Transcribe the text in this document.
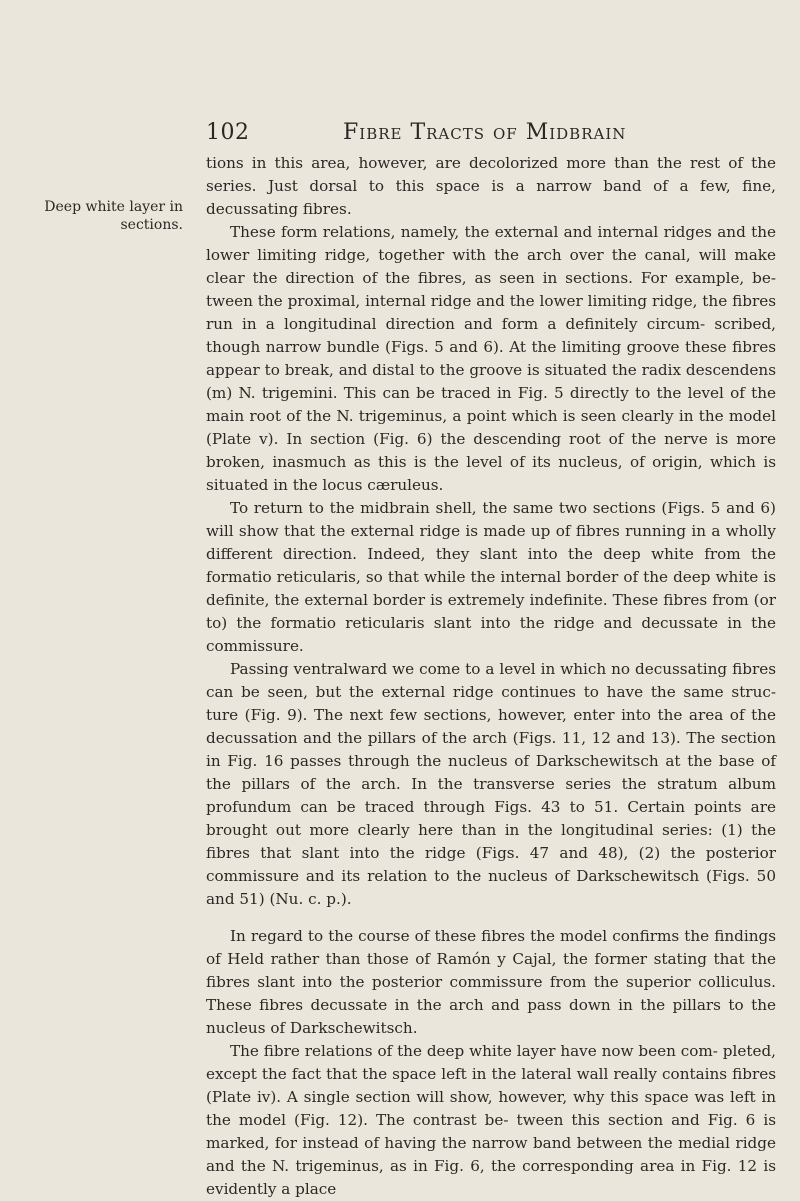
102	Fibre Tracts of Midbrain
Deep white layer in sections.

tions in this area, however, are decolorized more than the rest of the series. Just dorsal to this space is a narrow band of a few, fine, decussating fibres.

These form relations, namely, the external and internal ridges and the lower limiting ridge, together with the arch over the canal, will make clear the direction of the fibres, as seen in sections. For example, be- tween the proximal, internal ridge and the lower limiting ridge, the fibres run in a longitudinal direction and form a definitely circum- scribed, though narrow bundle (Figs. 5 and 6). At the limiting groove these fibres appear to break, and distal to the groove is situated the radix descendens (m) N. trigemini. This can be traced in Fig. 5 directly to the level of the main root of the N. trigeminus, a point which is seen clearly in the model (Plate v). In section (Fig. 6) the descending root of the nerve is more broken, inasmuch as this is the level of its nucleus, of origin, which is situated in the locus cæruleus.

To return to the midbrain shell, the same two sections (Figs. 5 and 6) will show that the external ridge is made up of fibres running in a wholly different direction. Indeed, they slant into the deep white from the formatio reticularis, so that while the internal border of the deep white is definite, the external border is extremely indefinite. These fibres from (or to) the formatio reticularis slant into the ridge and decussate in the commissure.

Passing ventralward we come to a level in which no decussating fibres can be seen, but the external ridge continues to have the same struc- ture (Fig. 9). The next few sections, however, enter into the area of the decussation and the pillars of the arch (Figs. 11, 12 and 13). The section in Fig. 16 passes through the nucleus of Darkschewitsch at the base of the pillars of the arch. In the transverse series the stratum album profundum can be traced through Figs. 43 to 51. Certain points are brought out more clearly here than in the longitudinal series: (1) the fibres that slant into the ridge (Figs. 47 and 48), (2) the posterior commissure and its relation to the nucleus of Darkschewitsch (Figs. 50 and 51) (Nu. c. p.).

In regard to the course of these fibres the model confirms the findings of Held rather than those of Ramón y Cajal, the former stating that the fibres slant into the posterior commissure from the superior colliculus. These fibres decussate in the arch and pass down in the pillars to the nucleus of Darkschewitsch.

The fibre relations of the deep white layer have now been com- pleted, except the fact that the space left in the lateral wall really contains fibres (Plate iv). A single section will show, however, why this space was left in the model (Fig. 12). The contrast be- tween this section and Fig. 6 is marked, for instead of having the narrow band between the medial ridge and the N. trigeminus, as in Fig. 6, the corresponding area in Fig. 12 is evidently a place
